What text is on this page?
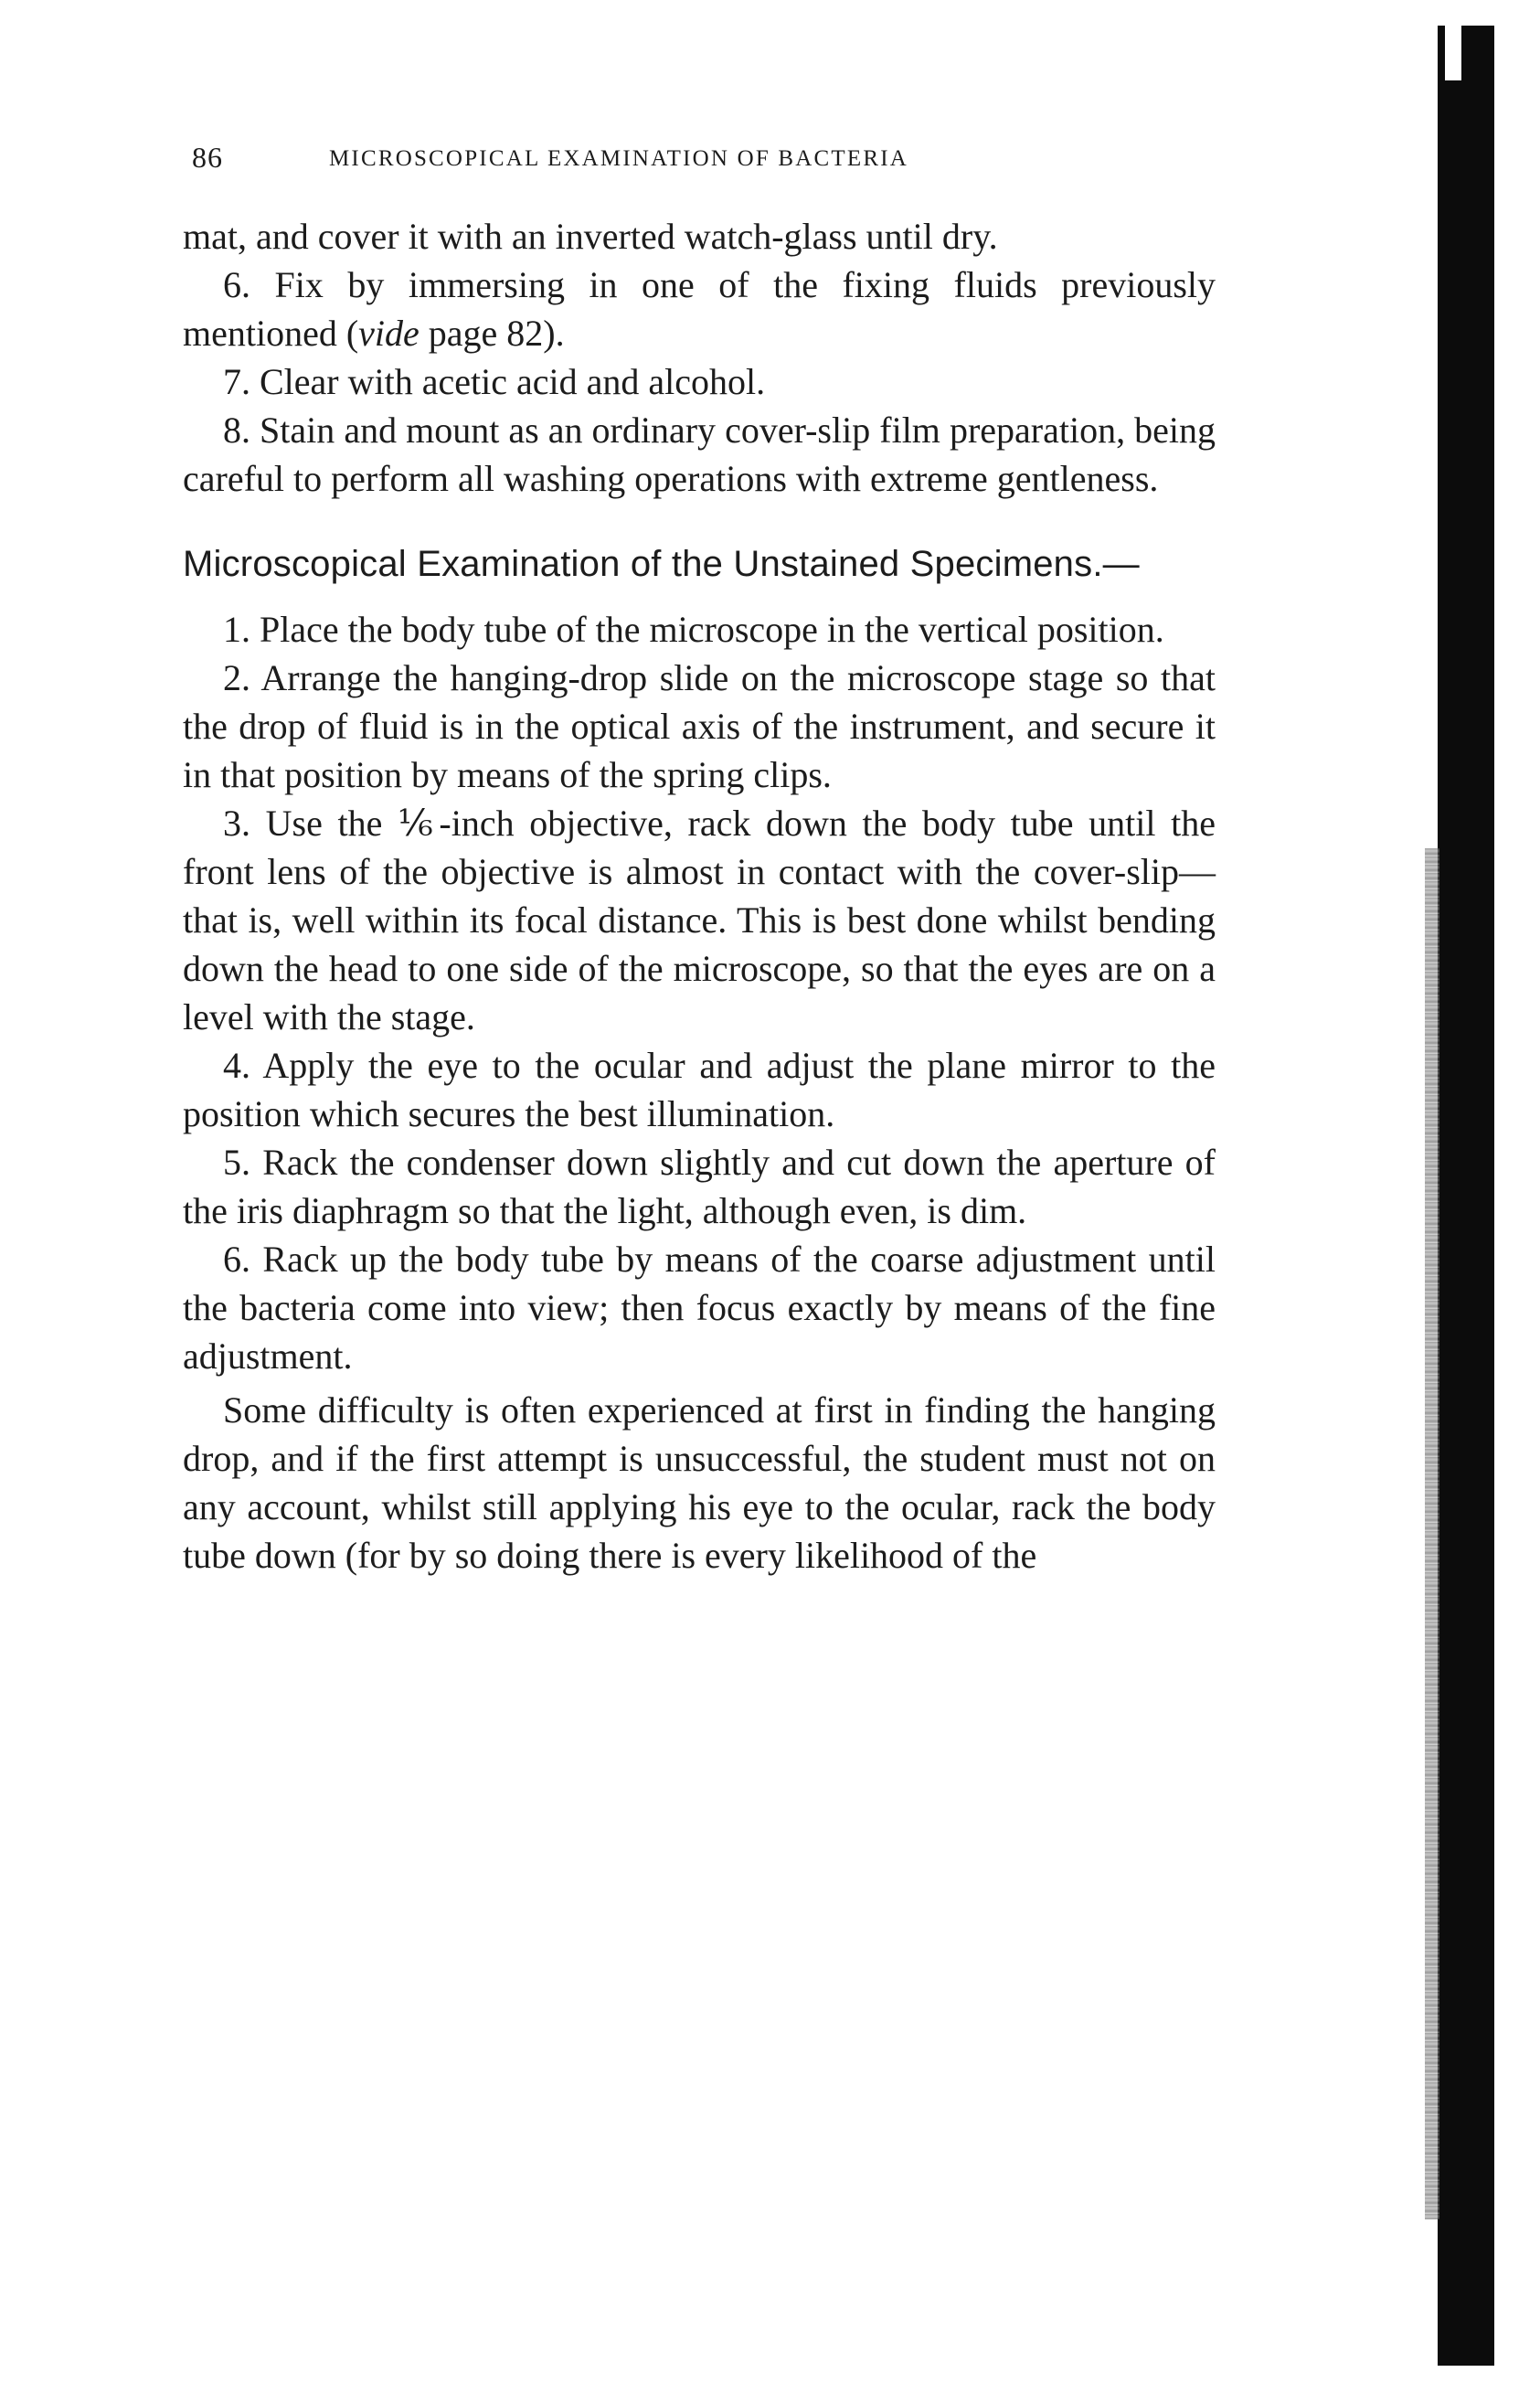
86	MICROSCOPICAL EXAMINATION OF BACTERIA

mat, and cover it with an inverted watch-glass until dry.

6. Fix by immersing in one of the fixing fluids previously mentioned (vide page 82).

7. Clear with acetic acid and alcohol.

8. Stain and mount as an ordinary cover-slip film preparation, being careful to perform all washing operations with extreme gentleness.

Microscopical Examination of the Unstained Specimens.—

1. Place the body tube of the microscope in the vertical position.

2. Arrange the hanging-drop slide on the microscope stage so that the drop of fluid is in the optical axis of the instrument, and secure it in that position by means of the spring clips.

3. Use the ⅙-inch objective, rack down the body tube until the front lens of the objective is almost in contact with the cover-slip—that is, well within its focal distance. This is best done whilst bending down the head to one side of the microscope, so that the eyes are on a level with the stage.

4. Apply the eye to the ocular and adjust the plane mirror to the position which secures the best illumination.

5. Rack the condenser down slightly and cut down the aperture of the iris diaphragm so that the light, although even, is dim.

6. Rack up the body tube by means of the coarse adjustment until the bacteria come into view; then focus exactly by means of the fine adjustment.

Some difficulty is often experienced at first in finding the hanging drop, and if the first attempt is unsuccessful, the student must not on any account, whilst still applying his eye to the ocular, rack the body tube down (for by so doing there is every likelihood of the
